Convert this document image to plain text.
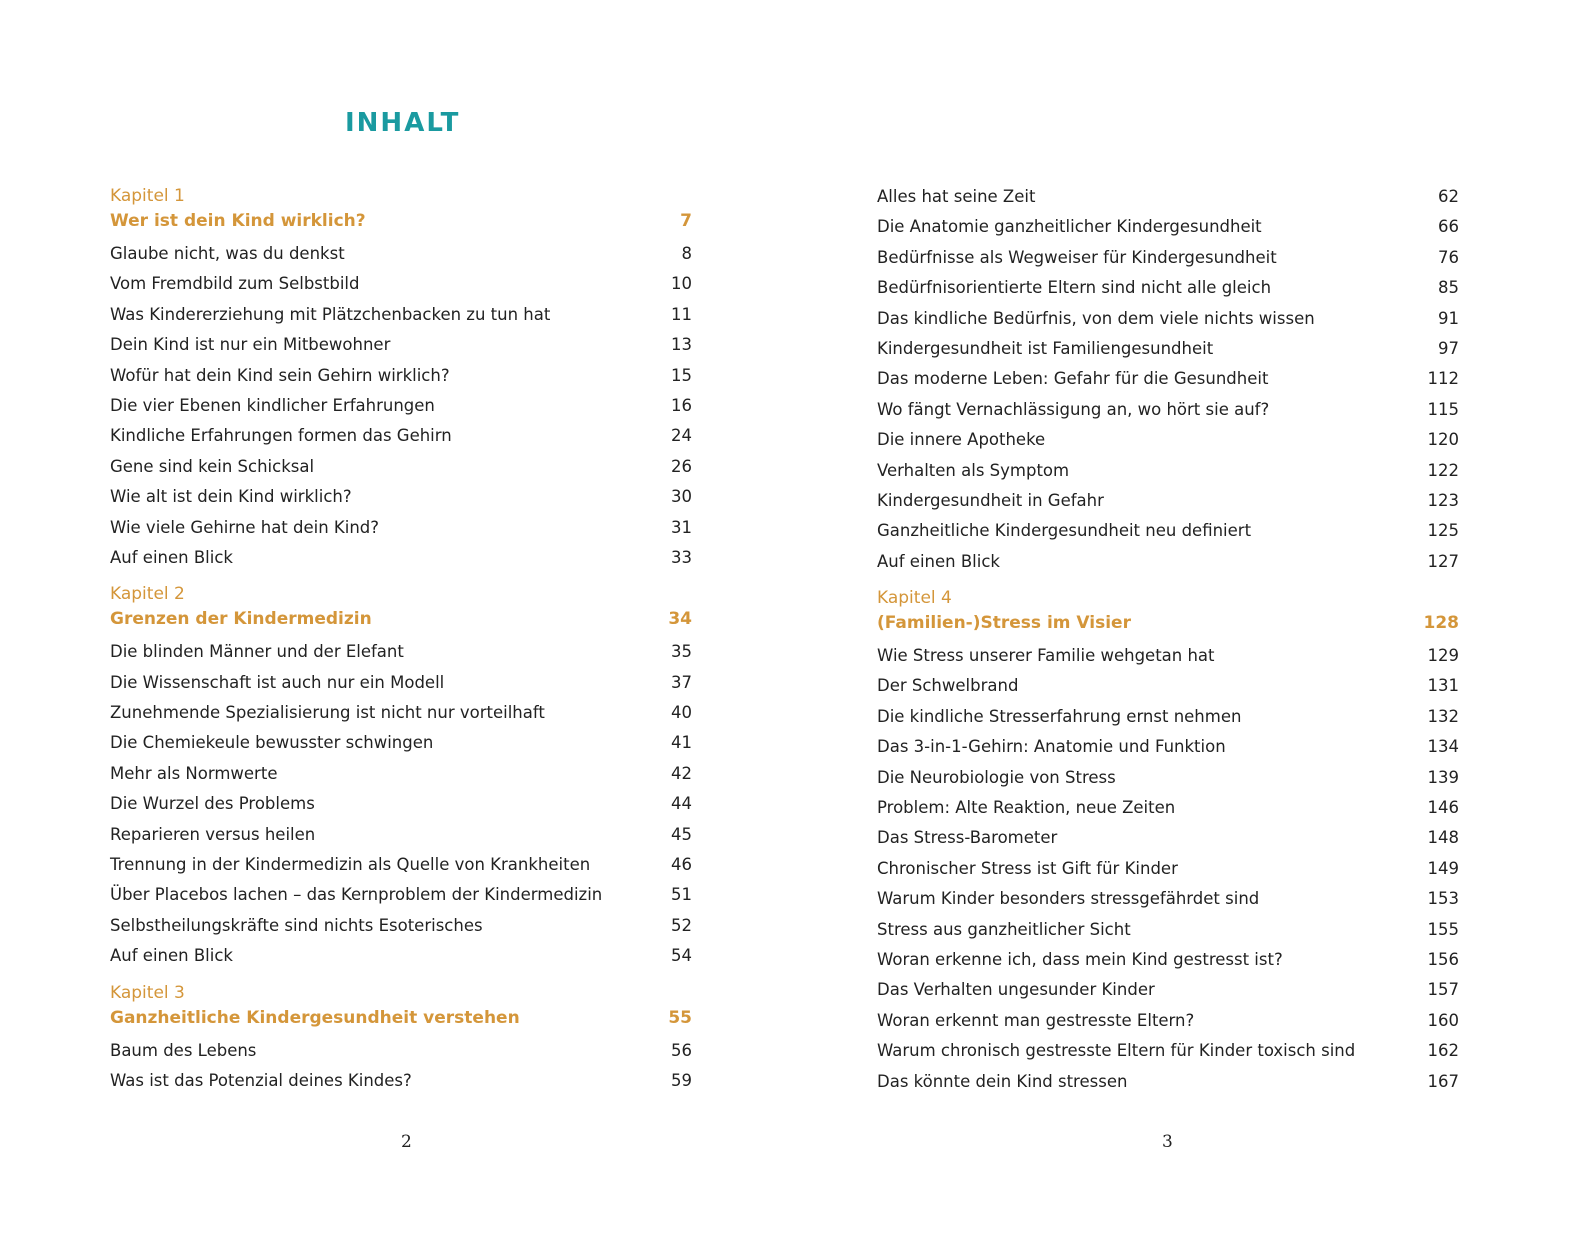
INHALT
Kapitel 1
Wer ist dein Kind wirklich?	7
Glaube nicht, was du denkst	8
Vom Fremdbild zum Selbstbild	10
Was Kindererziehung mit Plätzchenbacken zu tun hat	11
Dein Kind ist nur ein Mitbewohner	13
Wofür hat dein Kind sein Gehirn wirklich?	15
Die vier Ebenen kindlicher Erfahrungen	16
Kindliche Erfahrungen formen das Gehirn	24
Gene sind kein Schicksal	26
Wie alt ist dein Kind wirklich?	30
Wie viele Gehirne hat dein Kind?	31
Auf einen Blick	33
Kapitel 2
Grenzen der Kindermedizin	34
Die blinden Männer und der Elefant	35
Die Wissenschaft ist auch nur ein Modell	37
Zunehmende Spezialisierung ist nicht nur vorteilhaft	40
Die Chemiekeule bewusster schwingen	41
Mehr als Normwerte	42
Die Wurzel des Problems	44
Reparieren versus heilen	45
Trennung in der Kindermedizin als Quelle von Krankheiten	46
Über Placebos lachen – das Kernproblem der Kindermedizin	51
Selbstheilungskräfte sind nichts Esoterisches	52
Auf einen Blick	54
Kapitel 3
Ganzheitliche Kindergesundheit verstehen	55
Baum des Lebens	56
Was ist das Potenzial deines Kindes?	59
Alles hat seine Zeit	62
Die Anatomie ganzheitlicher Kindergesundheit	66
Bedürfnisse als Wegweiser für Kindergesundheit	76
Bedürfnisorientierte Eltern sind nicht alle gleich	85
Das kindliche Bedürfnis, von dem viele nichts wissen	91
Kindergesundheit ist Familiengesundheit	97
Das moderne Leben: Gefahr für die Gesundheit	112
Wo fängt Vernachlässigung an, wo hört sie auf?	115
Die innere Apotheke	120
Verhalten als Symptom	122
Kindergesundheit in Gefahr	123
Ganzheitliche Kindergesundheit neu definiert	125
Auf einen Blick	127
Kapitel 4
(Familien-)Stress im Visier	128
Wie Stress unserer Familie wehgetan hat	129
Der Schwelbrand	131
Die kindliche Stresserfahrung ernst nehmen	132
Das 3-in-1-Gehirn: Anatomie und Funktion	134
Die Neurobiologie von Stress	139
Problem: Alte Reaktion, neue Zeiten	146
Das Stress-Barometer	148
Chronischer Stress ist Gift für Kinder	149
Warum Kinder besonders stressgefährdet sind	153
Stress aus ganzheitlicher Sicht	155
Woran erkenne ich, dass mein Kind gestresst ist?	156
Das Verhalten ungesunder Kinder	157
Woran erkennt man gestresste Eltern?	160
Warum chronisch gestresste Eltern für Kinder toxisch sind	162
Das könnte dein Kind stressen	167
2	3
